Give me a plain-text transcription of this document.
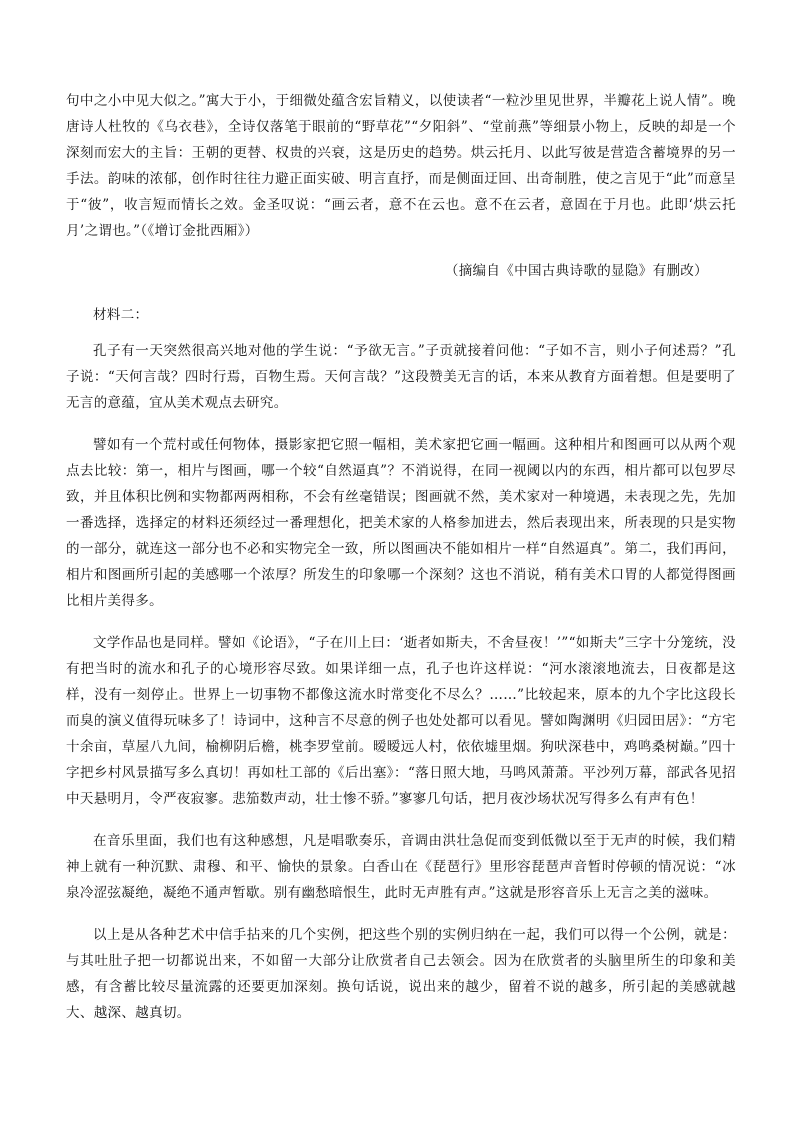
句中之小中见大似之。”寓大于小，于细微处蕴含宏旨精义，以使读者“一粒沙里见世界，半瓣花上说人情”。晚唐诗人杜牧的《乌衣巷》，全诗仅落笔于眼前的“野草花”“夕阳斜”、“堂前燕”等细景小物上，反映的却是一个深刻而宏大的主旨：王朝的更替、权贵的兴衰，这是历史的趋势。烘云托月、以此写彼是营造含蓄境界的另一手法。韵味的浓郁，创作时往往力避正面实破、明言直抒，而是侧面迂回、出奇制胜，使之言见于“此”而意呈于“彼”，收言短而情长之效。金圣叹说：“画云者，意不在云也。意不在云者，意固在于月也。此即‘烘云托月’之谓也。”（《增订金批西厢》）

（摘编自《中国古典诗歌的显隐》有删改）

材料二：

孔子有一天突然很高兴地对他的学生说：“予欲无言。”子贡就接着问他：“子如不言，则小子何述焉？”孔子说：“天何言哉？四时行焉，百物生焉。天何言哉？”这段赞美无言的话，本来从教育方面着想。但是要明了无言的意蕴，宜从美术观点去研究。

譬如有一个荒村或任何物体，摄影家把它照一幅相，美术家把它画一幅画。这种相片和图画可以从两个观点去比较：第一，相片与图画，哪一个较“自然逼真”？不消说得，在同一视阈以内的东西，相片都可以包罗尽致，并且体积比例和实物都两两相称，不会有丝毫错误；图画就不然，美术家对一种境遇，未表现之先，先加一番选择，选择定的材料还须经过一番理想化，把美术家的人格参加进去，然后表现出来，所表现的只是实物的一部分，就连这一部分也不必和实物完全一致，所以图画决不能如相片一样“自然逼真”。第二，我们再问，相片和图画所引起的美感哪一个浓厚？所发生的印象哪一个深刻？这也不消说，稍有美术口胃的人都觉得图画比相片美得多。

文学作品也是同样。譬如《论语》，“子在川上曰：‘逝者如斯夫，不舍昼夜！’”“如斯夫”三字十分笼统，没有把当时的流水和孔子的心境形容尽致。如果详细一点，孔子也许这样说：“河水滚滚地流去，日夜都是这样，没有一刻停止。世界上一切事物不都像这流水时常变化不尽么？……”比较起来，原本的九个字比这段长而臭的演义值得玩味多了！诗词中，这种言不尽意的例子也处处都可以看见。譬如陶渊明《归园田居》：“方宅十余亩，草屋八九间，榆柳阴后檐，桃李罗堂前。暧暧远人村，依依墟里烟。狗吠深巷中，鸡鸣桑树巅。”四十字把乡村风景描写多么真切！再如杜工部的《后出塞》：“落日照大地，马鸣风萧萧。平沙列万幕，部武各见招中天悬明月，令严夜寂寥。悲笳数声动，壮士惨不骄。”寥寥几句话，把月夜沙场状况写得多么有声有色！

在音乐里面，我们也有这种感想，凡是唱歌奏乐，音调由洪壮急促而变到低微以至于无声的时候，我们精神上就有一种沉默、肃穆、和平、愉快的景象。白香山在《琵琶行》里形容琵琶声音暂时停顿的情况说：“冰泉冷涩弦凝绝，凝绝不通声暂歇。别有幽愁暗恨生，此时无声胜有声。”这就是形容音乐上无言之美的滋味。

以上是从各种艺术中信手拈来的几个实例，把这些个别的实例归纳在一起，我们可以得一个公例，就是：与其吐肚子把一切都说出来，不如留一大部分让欣赏者自己去领会。因为在欣赏者的头脑里所生的印象和美感，有含蓄比较尽量流露的还要更加深刻。换句话说，说出来的越少，留着不说的越多，所引起的美感就越大、越深、越真切。
